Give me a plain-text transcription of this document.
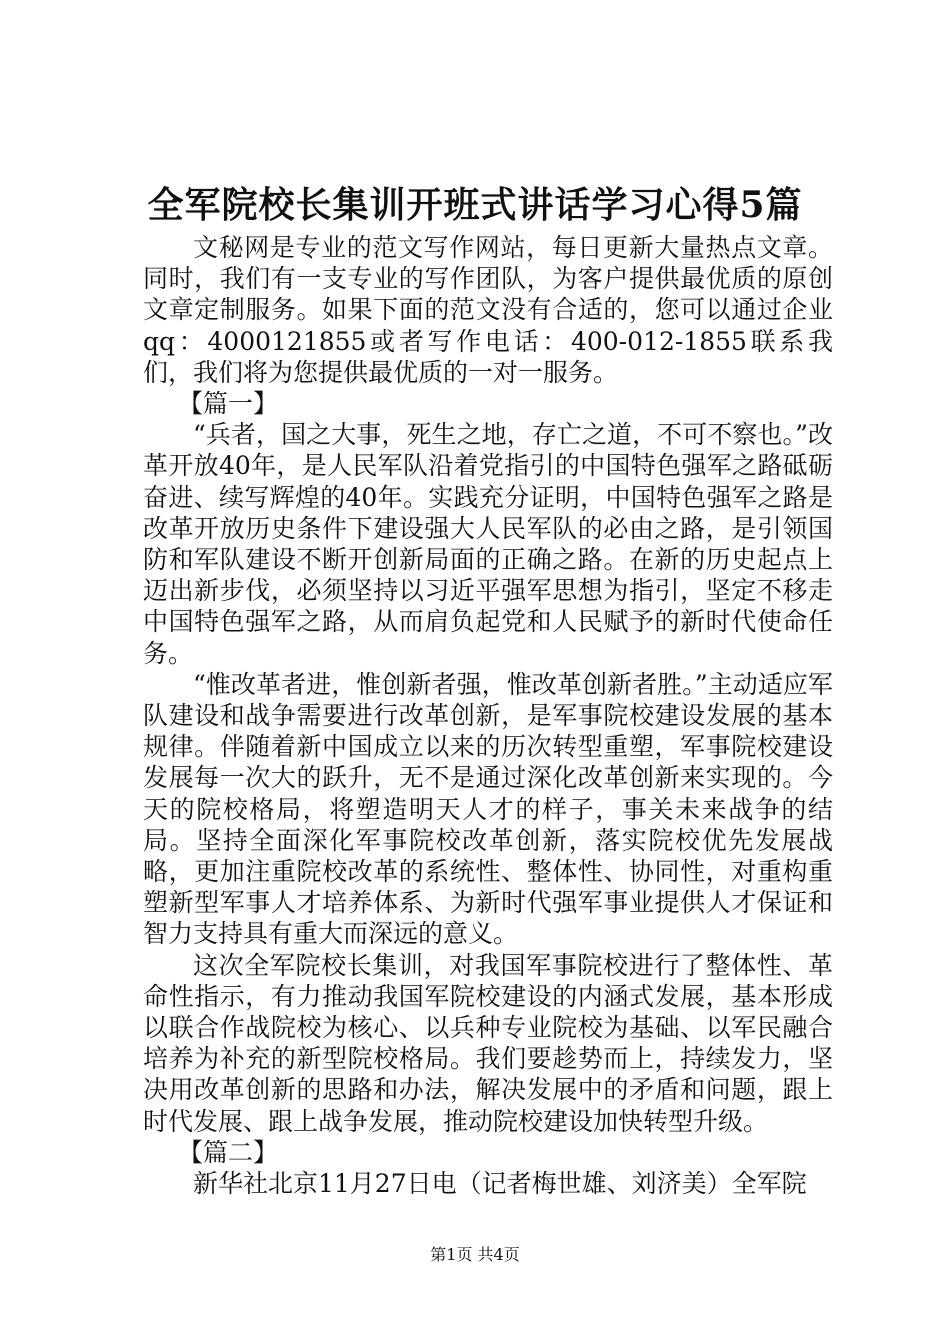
全军院校长集训开班式讲话学习心得5篇

文秘网是专业的范文写作网站，每日更新大量热点文章。同时，我们有一支专业的写作团队，为客户提供最优质的原创文章定制服务。如果下面的范文没有合适的，您可以通过企业qq：4000121855或者写作电话：400-012-1855联系我们，我们将为您提供最优质的一对一服务。

【篇一】

“兵者，国之大事，死生之地，存亡之道，不可不察也。”改革开放40年，是人民军队沿着党指引的中国特色强军之路砥砺奋进、续写辉煌的40年。实践充分证明，中国特色强军之路是改革开放历史条件下建设强大人民军队的必由之路，是引领国防和军队建设不断开创新局面的正确之路。在新的历史起点上迈出新步伐，必须坚持以习近平强军思想为指引，坚定不移走中国特色强军之路，从而肩负起党和人民赋予的新时代使命任务。

“惟改革者进，惟创新者强，惟改革创新者胜。”主动适应军队建设和战争需要进行改革创新，是军事院校建设发展的基本规律。伴随着新中国成立以来的历次转型重塑，军事院校建设发展每一次大的跃升，无不是通过深化改革创新来实现的。今天的院校格局，将塑造明天人才的样子，事关未来战争的结局。坚持全面深化军事院校改革创新，落实院校优先发展战略，更加注重院校改革的系统性、整体性、协同性，对重构重塑新型军事人才培养体系、为新时代强军事业提供人才保证和智力支持具有重大而深远的意义。

这次全军院校长集训，对我国军事院校进行了整体性、革命性指示，有力推动我国军院校建设的内涵式发展，基本形成以联合作战院校为核心、以兵种专业院校为基础、以军民融合培养为补充的新型院校格局。我们要趁势而上，持续发力，坚决用改革创新的思路和办法，解决发展中的矛盾和问题，跟上时代发展、跟上战争发展，推动院校建设加快转型升级。

【篇二】

新华社北京11月27日电（记者梅世雄、刘济美）全军院

第1页 共4页
